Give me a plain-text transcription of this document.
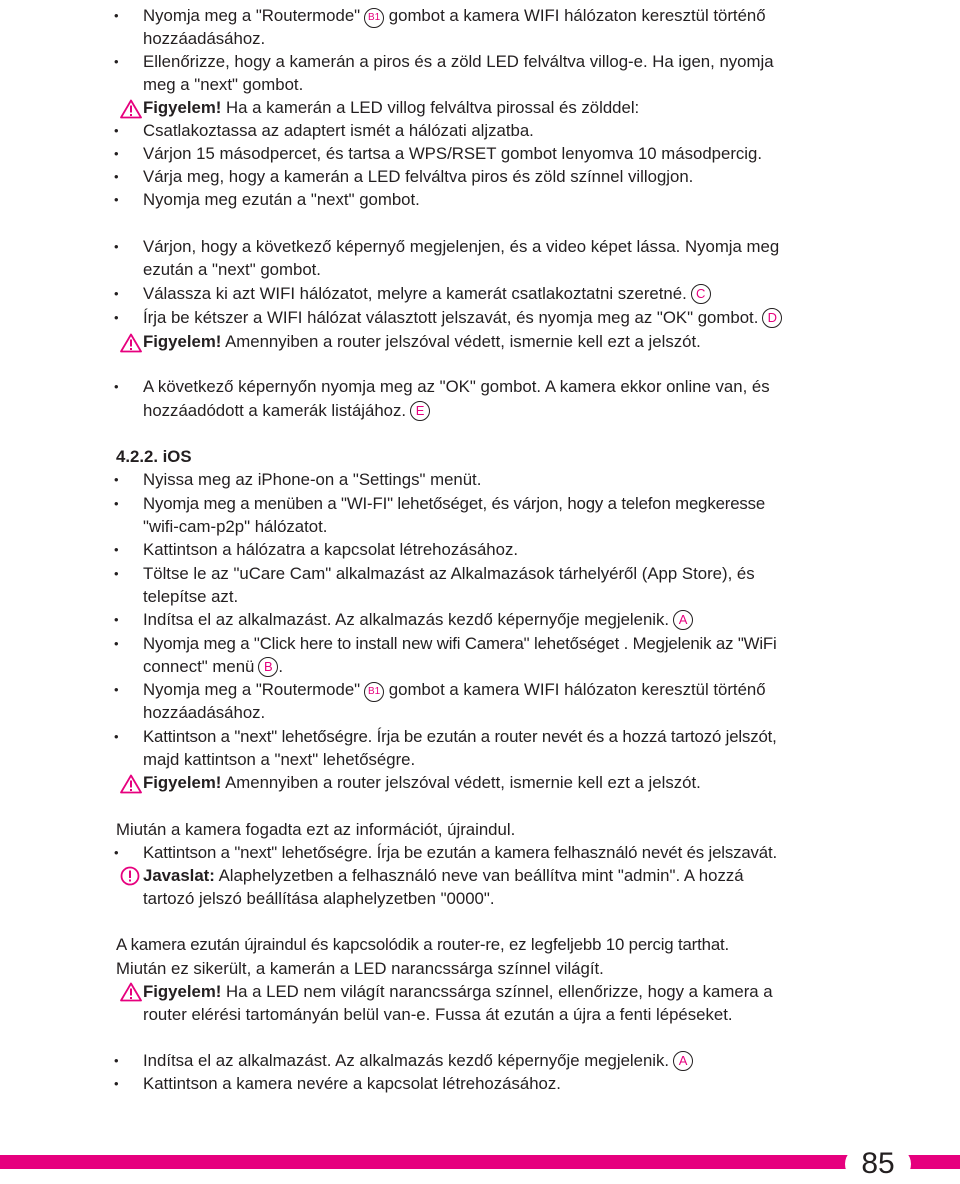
• Nyomja meg a "Routermode" B1 gombot a kamera WIFI hálózaton keresztül történő
hozzáadásához.
• Ellenőrizze, hogy a kamerán a piros és a zöld LED felváltva villog-e. Ha igen, nyomja
meg a "next" gombot.
Figyelem! Ha a kamerán a LED villog felváltva pirossal és zölddel:
• Csatlakoztassa az adaptert ismét a hálózati aljzatba.
• Várjon 15 másodpercet, és tartsa a WPS/RSET gombot lenyomva 10 másodpercig.
• Várja meg, hogy a kamerán a LED felváltva piros és zöld színnel villogjon.
• Nyomja meg ezután a "next" gombot.
• Várjon, hogy a következő képernyő megjelenjen, és a video képet lássa. Nyomja meg
ezután a "next" gombot.
• Válassza ki azt WIFI hálózatot, melyre a kamerát csatlakoztatni szeretné. C
• Írja be kétszer a WIFI hálózat választott jelszavát, és nyomja meg az "OK" gombot. D
Figyelem! Amennyiben a router jelszóval védett, ismernie kell ezt a jelszót.
• A következő képernyőn nyomja meg az "OK" gombot. A kamera ekkor online van, és
hozzáadódott a kamerák listájához. E
4.2.2. iOS
• Nyissa meg az iPhone-on a "Settings" menüt.
• Nyomja meg a menüben a "WI-FI" lehetőséget, és várjon, hogy a telefon megkeresse
"wifi-cam-p2p" hálózatot.
• Kattintson a hálózatra a kapcsolat létrehozásához.
• Töltse le az "uCare Cam" alkalmazást az Alkalmazások tárhelyéről (App Store), és
telepítse azt.
• Indítsa el az alkalmazást. Az alkalmazás kezdő képernyője megjelenik. A
• Nyomja meg a "Click here to install new wifi Camera" lehetőséget . Megjelenik az "WiFi
connect" menü B .
• Nyomja meg a "Routermode" B1 gombot a kamera WIFI hálózaton keresztül történő
hozzáadásához.
• Kattintson a "next" lehetőségre. Írja be ezután a router nevét és a hozzá tartozó jelszót,
majd kattintson a "next" lehetőségre.
Figyelem! Amennyiben a router jelszóval védett, ismernie kell ezt a jelszót.
Miután a kamera fogadta ezt az információt, újraindul.
• Kattintson a "next" lehetőségre. Írja be ezután a kamera felhasználó nevét és jelszavát.
Javaslat: Alaphelyzetben a felhasználó neve van beállítva mint "admin". A hozzá
tartozó jelszó beállítása alaphelyzetben "0000".
A kamera ezután újraindul és kapcsolódik a router-re, ez legfeljebb 10 percig tarthat.
Miután ez sikerült, a kamerán a LED narancssárga színnel világít.
Figyelem! Ha a LED nem világít narancssárga színnel, ellenőrizze, hogy a kamera a
router elérési tartományán belül van-e. Fussa át ezután a újra a fenti lépéseket.
• Indítsa el az alkalmazást. Az alkalmazás kezdő képernyője megjelenik. A
• Kattintson a kamera nevére a kapcsolat létrehozásához.
85
